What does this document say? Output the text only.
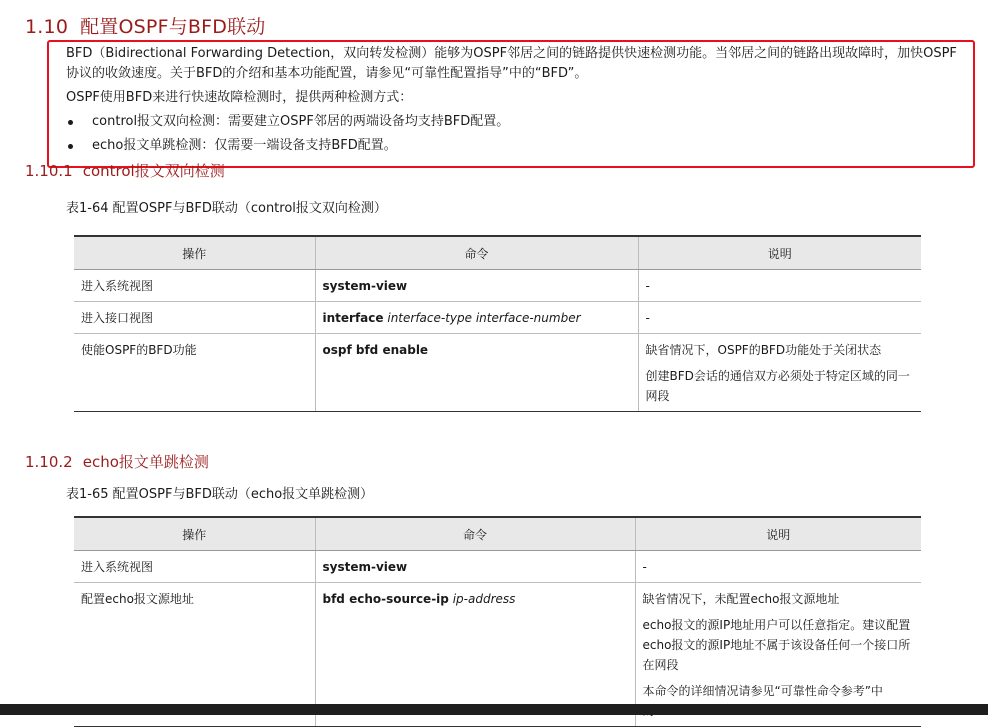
1.10 配置OSPF与BFD联动

BFD（Bidirectional Forwarding Detection，双向转发检测）能够为OSPF邻居之间的链路提供快速检测功能。当邻居之间的链路出现故障时，加快OSPF协议的收敛速度。关于BFD的介绍和基本功能配置，请参见“可靠性配置指导”中的“BFD”。

OSPF使用BFD来进行快速故障检测时，提供两种检测方式：

control报文双向检测：需要建立OSPF邻居的两端设备均支持BFD配置。
echo报文单跳检测：仅需要一端设备支持BFD配置。
1.10.1 control报文双向检测
表1-64 配置OSPF与BFD联动（control报文双向检测）
操作	命令	说明
进入系统视图	system-view	-

进入接口视图	interface interface-type interface-number	-

使能OSPF的BFD功能	ospf bfd enable	缺省情况下，OSPF的BFD功能处于关闭状态

创建BFD会话的通信双方必须处于特定区域的同一网段

1.10.2 echo报文单跳检测
表1-65 配置OSPF与BFD联动（echo报文单跳检测）
操作	命令	说明
进入系统视图	system-view	-

配置echo报文源地址	bfd echo-source-ip ip-address	缺省情况下，未配置echo报文源地址

echo报文的源IP地址用户可以任意指定。建议配置echo报文的源IP地址不属于该设备任何一个接口所在网段

本命令的详细情况请参见“可靠性命令参考”中
